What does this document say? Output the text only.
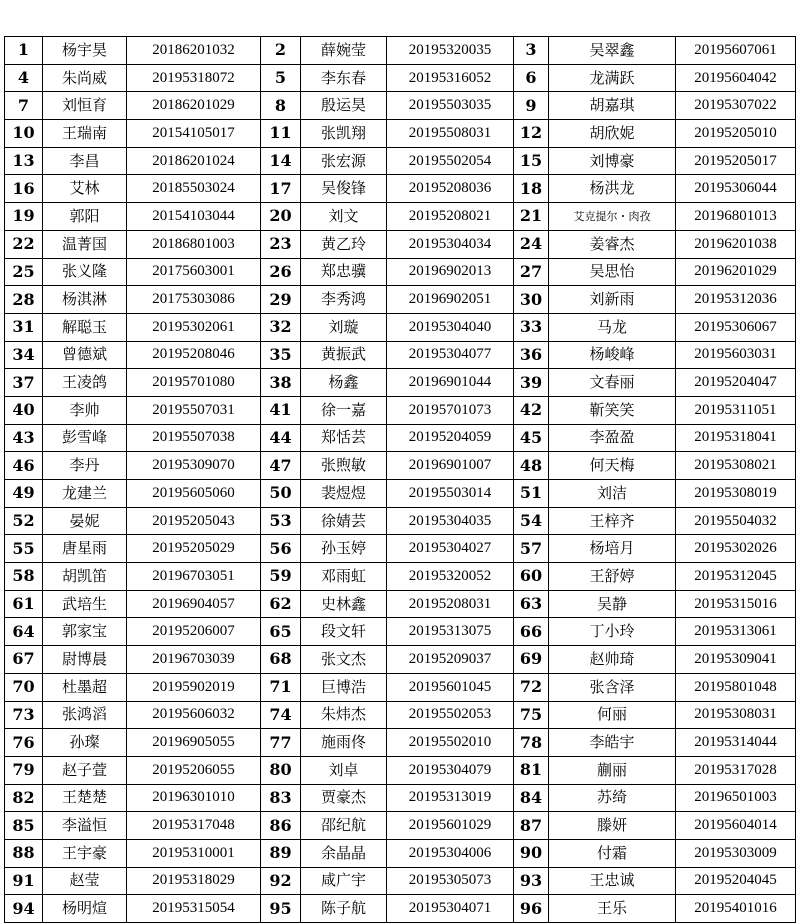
1	杨宇昊	20186201032	2	薛婉莹	20195320035	3	吴翠鑫	20195607061
4	朱尚威	20195318072	5	李东春	20195316052	6	龙满跃	20195604042
7	刘恒育	20186201029	8	殷运昊	20195503035	9	胡嘉琪	20195307022
10	王瑞南	20154105017	11	张凯翔	20195508031	12	胡欣妮	20195205010
13	李昌	20186201024	14	张宏源	20195502054	15	刘博豪	20195205017
16	艾林	20185503024	17	吴俊锋	20195208036	18	杨洪龙	20195306044
19	郭阳	20154103044	20	刘文	20195208021	21	艾克提尔・肉孜	20196801013
22	温菁国	20186801003	23	黄乙玲	20195304034	24	姜睿杰	20196201038
25	张义隆	20175603001	26	郑忠骥	20196902013	27	吴思怡	20196201029
28	杨淇淋	20175303086	29	李秀鸿	20196902051	30	刘新雨	20195312036
31	解聪玉	20195302061	32	刘璇	20195304040	33	马龙	20195306067
34	曾德斌	20195208046	35	黄振武	20195304077	36	杨峻峰	20195603031
37	王凌鸽	20195701080	38	杨鑫	20196901044	39	文春丽	20195204047
40	李帅	20195507031	41	徐一嘉	20195701073	42	靳笑笑	20195311051
43	彭雪峰	20195507038	44	郑恬芸	20195204059	45	李盈盈	20195318041
46	李丹	20195309070	47	张煦敏	20196901007	48	何天梅	20195308021
49	龙建兰	20195605060	50	裴煜煜	20195503014	51	刘洁	20195308019
52	晏妮	20195205043	53	徐婧芸	20195304035	54	王梓齐	20195504032
55	唐星雨	20195205029	56	孙玉婷	20195304027	57	杨培月	20195302026
58	胡凯笛	20196703051	59	邓雨虹	20195320052	60	王舒婷	20195312045
61	武培生	20196904057	62	史林鑫	20195208031	63	吴静	20195315016
64	郭家宝	20195206007	65	段文轩	20195313075	66	丁小玲	20195313061
67	尉博晨	20196703039	68	张文杰	20195209037	69	赵帅琦	20195309041
70	杜墨超	20195902019	71	巨博浩	20195601045	72	张含泽	20195801048
73	张鸿滔	20195606032	74	朱炜杰	20195502053	75	何丽	20195308031
76	孙璨	20196905055	77	施雨佟	20195502010	78	李皓宇	20195314044
79	赵子萱	20195206055	80	刘卓	20195304079	81	蒯丽	20195317028
82	王楚楚	20196301010	83	贾豪杰	20195313019	84	苏绮	20196501003
85	李溢恒	20195317048	86	邵纪航	20195601029	87	滕妍	20195604014
88	王宇豪	20195310001	89	余晶晶	20195304006	90	付霜	20195303009
91	赵莹	20195318029	92	咸广宇	20195305073	93	王忠诚	20195204045
94	杨明煊	20195315054	95	陈子航	20195304071	96	王乐	20195401016
